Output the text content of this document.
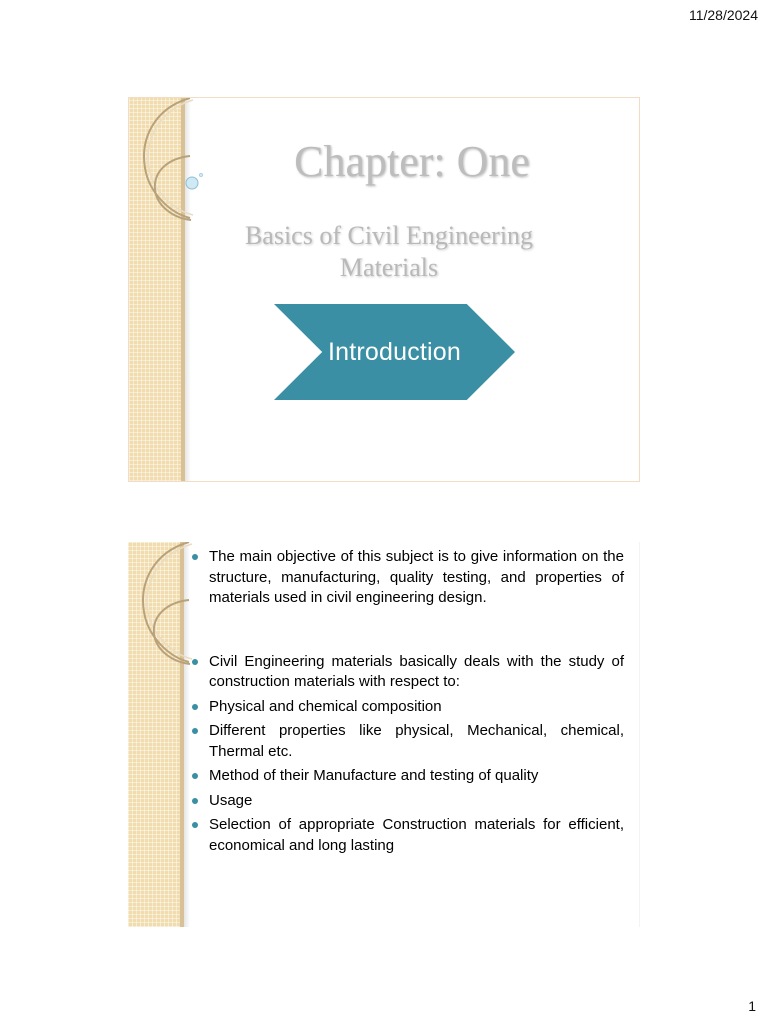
11/28/2024
Chapter: One
Basics of Civil Engineering Materials
Introduction
The main objective of this subject is to give information on the structure, manufacturing, quality testing, and properties of materials used in civil engineering design.
Civil Engineering materials basically deals with the study of construction materials with respect to:
Physical and chemical composition
Different properties like physical, Mechanical, chemical, Thermal etc.
Method of their Manufacture and testing of quality
Usage
Selection of appropriate Construction materials for efficient, economical and long lasting
1
